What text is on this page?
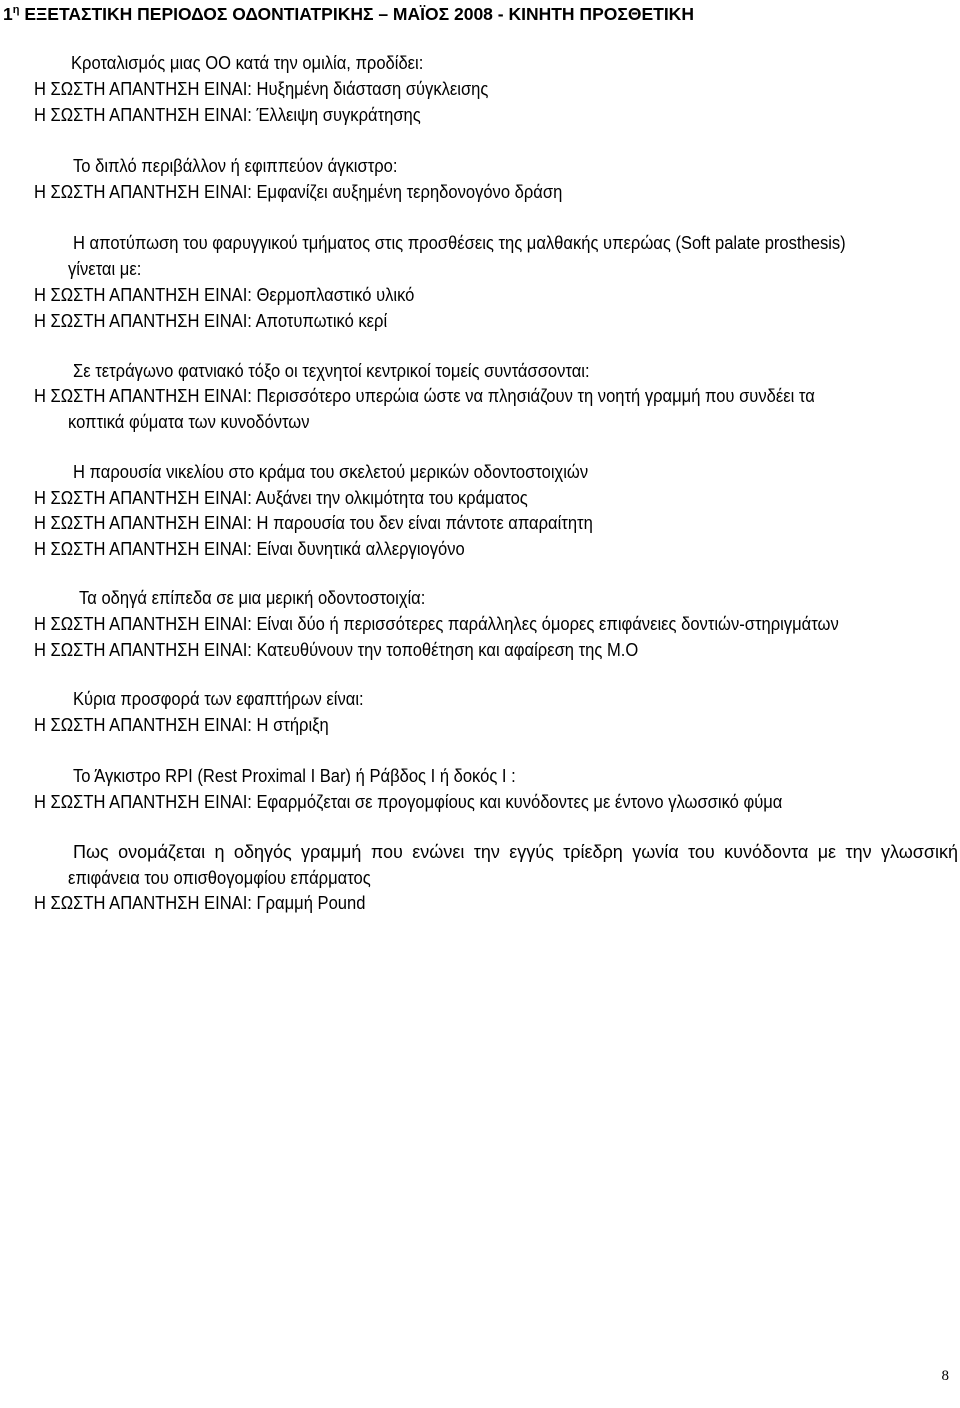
$1^\eta$ ΕΞΕΤΑΣΤΙΚΗ ΠΕΡΙΟΔΟΣ ΟΔΟΝΤΙΑΤΡΙΚΗΣ – ΜΑΪΟΣ 2008 - ΚΙΝΗΤΗ ΠΡΟΣΘΕΤΙΚΗ
Κροταλισμός μιας ΟΟ κατά την ομιλία, προδίδει:
Η ΣΩΣΤΗ ΑΠΑΝΤΗΣΗ ΕΙΝΑΙ: Ηυξημένη διάσταση σύγκλεισης
Η ΣΩΣΤΗ ΑΠΑΝΤΗΣΗ ΕΙΝΑΙ: Έλλειψη συγκράτησης
Το διπλό περιβάλλον ή εφιππεύον άγκιστρο:
Η ΣΩΣΤΗ ΑΠΑΝΤΗΣΗ ΕΙΝΑΙ: Εμφανίζει αυξημένη τερηδονογόνο δράση
Η αποτύπωση του φαρυγγικού τμήματος στις προσθέσεις της μαλθακής υπερώας (Soft palate prosthesis)
γίνεται με:
Η ΣΩΣΤΗ ΑΠΑΝΤΗΣΗ ΕΙΝΑΙ: Θερμοπλαστικό υλικό
Η ΣΩΣΤΗ ΑΠΑΝΤΗΣΗ ΕΙΝΑΙ: Αποτυπωτικό κερί
Σε τετράγωνο φατνιακό τόξο οι τεχνητοί κεντρικοί τομείς συντάσσονται:
Η ΣΩΣΤΗ ΑΠΑΝΤΗΣΗ ΕΙΝΑΙ: Περισσότερο υπερώια ώστε να πλησιάζουν τη νοητή γραμμή που συνδέει τα
κοπτικά φύματα των κυνοδόντων
Η παρουσία νικελίου στο κράμα του σκελετού μερικών οδοντοστοιχιών
Η ΣΩΣΤΗ ΑΠΑΝΤΗΣΗ ΕΙΝΑΙ: Αυξάνει την ολκιμότητα του κράματος
Η ΣΩΣΤΗ ΑΠΑΝΤΗΣΗ ΕΙΝΑΙ: Η παρουσία του δεν είναι πάντοτε απαραίτητη
Η ΣΩΣΤΗ ΑΠΑΝΤΗΣΗ ΕΙΝΑΙ: Είναι δυνητικά αλλεργιογόνο
Τα οδηγά επίπεδα σε μια μερική οδοντοστοιχία:
Η ΣΩΣΤΗ ΑΠΑΝΤΗΣΗ ΕΙΝΑΙ: Είναι δύο ή περισσότερες παράλληλες όμορες επιφάνειες δοντιών-στηριγμάτων
Η ΣΩΣΤΗ ΑΠΑΝΤΗΣΗ ΕΙΝΑΙ: Κατευθύνουν την τοποθέτηση και αφαίρεση της Μ.Ο
Κύρια προσφορά των εφαπτήρων είναι:
Η ΣΩΣΤΗ ΑΠΑΝΤΗΣΗ ΕΙΝΑΙ: Η στήριξη
Το Άγκιστρο RPI (Rest Proximal I Bar) ή Ράβδος Ι ή δοκός Ι :
Η ΣΩΣΤΗ ΑΠΑΝΤΗΣΗ ΕΙΝΑΙ: Εφαρμόζεται σε προγομφίους και κυνόδοντες με έντονο γλωσσικό φύμα
Πως ονομάζεται η οδηγός γραμμή που ενώνει την εγγύς τρίεδρη γωνία του κυνόδοντα με την γλωσσική
επιφάνεια του οπισθογομφίου επάρματος
Η ΣΩΣΤΗ ΑΠΑΝΤΗΣΗ ΕΙΝΑΙ: Γραμμή Pound
8
